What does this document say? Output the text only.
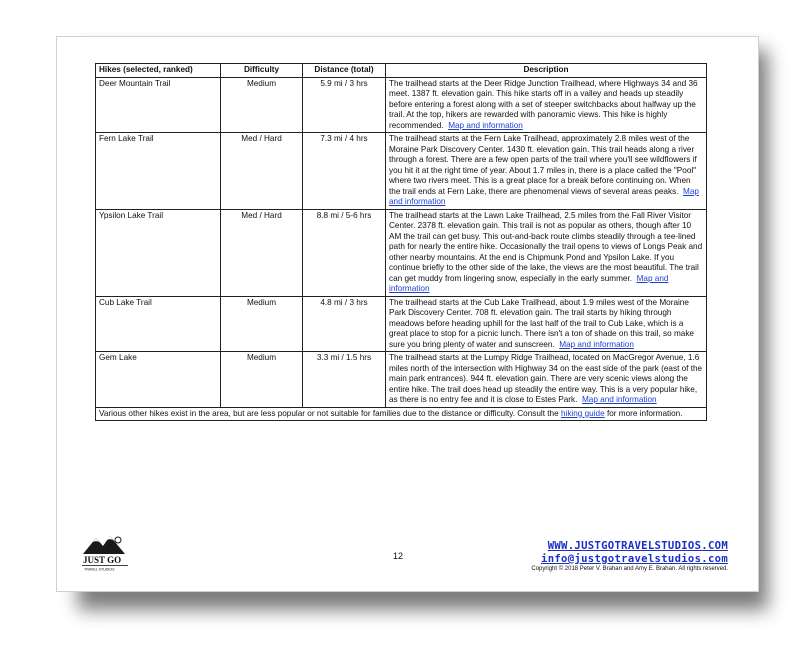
Hikes (selected, ranked)	Difficulty	Distance (total)	Description
Deer Mountain Trail	Medium	5.9 mi / 3 hrs	The trailhead starts at the Deer Ridge Junction Trailhead, where Highways 34 and 36 meet. 1387 ft. elevation gain. This hike starts off in a valley and heads up steadily before entering a forest along with a set of steeper switchbacks about halfway up the trail. At the top, hikers are rewarded with panoramic views. This hike is highly recommended. Map and information
Fern Lake Trail	Med / Hard	7.3 mi / 4 hrs	The trailhead starts at the Fern Lake Trailhead, approximately 2.8 miles west of the Moraine Park Discovery Center. 1430 ft. elevation gain. This trail heads along a river through a forest. There are a few open parts of the trail where you'll see wildflowers if you hit it at the right time of year. About 1.7 miles in, there is a place called the "Pool" where two rivers meet. This is a great place for a break before continuing on. When the trail ends at Fern Lake, there are phenomenal views of several areas peaks. Map and information
Ypsilon Lake Trail	Med / Hard	8.8 mi / 5-6 hrs	The trailhead starts at the Lawn Lake Trailhead, 2.5 miles from the Fall River Visitor Center. 2378 ft. elevation gain. This trail is not as popular as others, though after 10 AM the trail can get busy. This out-and-back route climbs steadily through a tee-lined path for nearly the entire hike. Occasionally the trail opens to views of Longs Peak and other nearby mountains. At the end is Chipmunk Pond and Ypsilon Lake. If you continue briefly to the other side of the lake, the views are the most beautiful. The trail can get muddy from lingering snow, especially in the early summer. Map and information
Cub Lake Trail	Medium	4.8 mi / 3 hrs	The trailhead starts at the Cub Lake Trailhead, about 1.9 miles west of the Moraine Park Discovery Center. 708 ft. elevation gain. The trail starts by hiking through meadows before heading uphill for the last half of the trail to Cub Lake, which is a great place to stop for a picnic lunch. There isn't a ton of shade on this trail, so make sure you bring plenty of water and sunscreen. Map and information
Gem Lake	Medium	3.3 mi / 1.5 hrs	The trailhead starts at the Lumpy Ridge Trailhead, located on MacGregor Avenue, 1.6 miles north of the intersection with Highway 34 on the east side of the park (east of the main park entrances). 944 ft. elevation gain. There are very scenic views along the entire hike. The trail does head up steadily the entire way. This is a very popular hike, as there is no entry fee and it is close to Estes Park. Map and information
Various other hikes exist in the area, but are less popular or not suitable for families due to the distance or difficulty. Consult the hiking guide for more information.			
JUST GO
TRAVEL STUDIOS
12
WWW.JUSTGOTRAVELSTUDIOS.COM
info@justgotravelstudios.com
Copyright © 2018 Peter V. Brahan and Amy E. Brahan. All rights reserved.
